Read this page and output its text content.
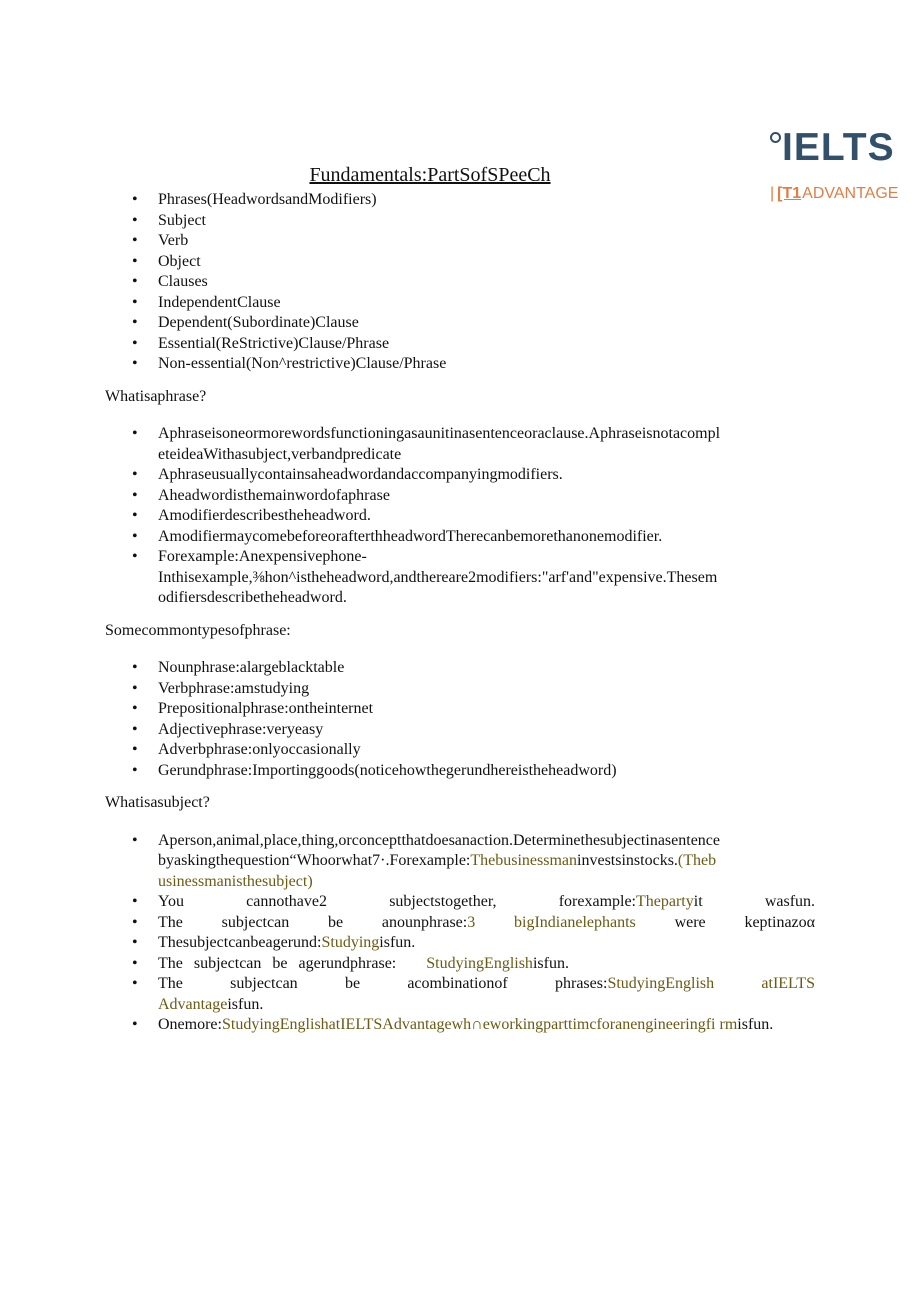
IELTS
| [T1ADVANTAGE
Fundamentals:PartSofSPeeCh
• Phrases(HeadwordsandModifiers)
• Subject
• Verb
• Object
• Clauses
• IndependentClause
• Dependent(Subordinate)Clause
• Essential(ReStrictive)Clause/Phrase
• Non-essential(Non^restrictive)Clause/Phrase

Whatisaphrase?

• Aphraseisoneormorewordsfunctioningasaunitinasentenceoraclause.Aphraseisnotacompl eteideaWithasubject,verbandpredicate
• Aphraseusuallycontainsaheadwordandaccompanyingmodifiers.
• Aheadwordisthemainwordofaphrase
• Amodifierdescribestheheadword.
• AmodifiermaycomebeforeorafterthheadwordTherecanbemorethanonemodifier.
• Forexample:Anexpensivephone- Inthisexample,⅜hon^istheheadword,andthereare2modifiers:"arf'and"expensive.Thesem odifiersdescribetheheadword.

Somecommontypesofphrase:

• Nounphrase:alargeblacktable
• Verbphrase:amstudying
• Prepositionalphrase:ontheinternet
• Adjectivephrase:veryeasy
• Adverbphrase:onlyoccasionally
• Gerundphrase:Importinggoods(noticehowthegerundhereistheheadword)

Whatisasubject?

• Aperson,animal,place,thing,orconceptthatdoesanaction.Determinethesubjectinasentence byaskingthequestion“Whoorwhat7·.Forexample:Thebusinessmaninvestsinstocks.(Theb usinessmanisthesubject)
• You	cannothave2	subjectstogether,	forexample:Thepartyit	wasfun.
• The subjectcan be anounphrase:3 bigIndianelephants were keptinazoα
• Thesubjectcanbeagerund:Studyingisfun.
• The subjectcan be agerundphrase: StudyingEnglishisfun.
• The	subjectcan	be	acombinationof	phrases:StudyingEnglish	atIELTS
Advantageisfun.
• Onemore:StudyingEnglishatIELTSAdvantagewh∩eworkingparttimcforanengineeringfi rmisfun.
